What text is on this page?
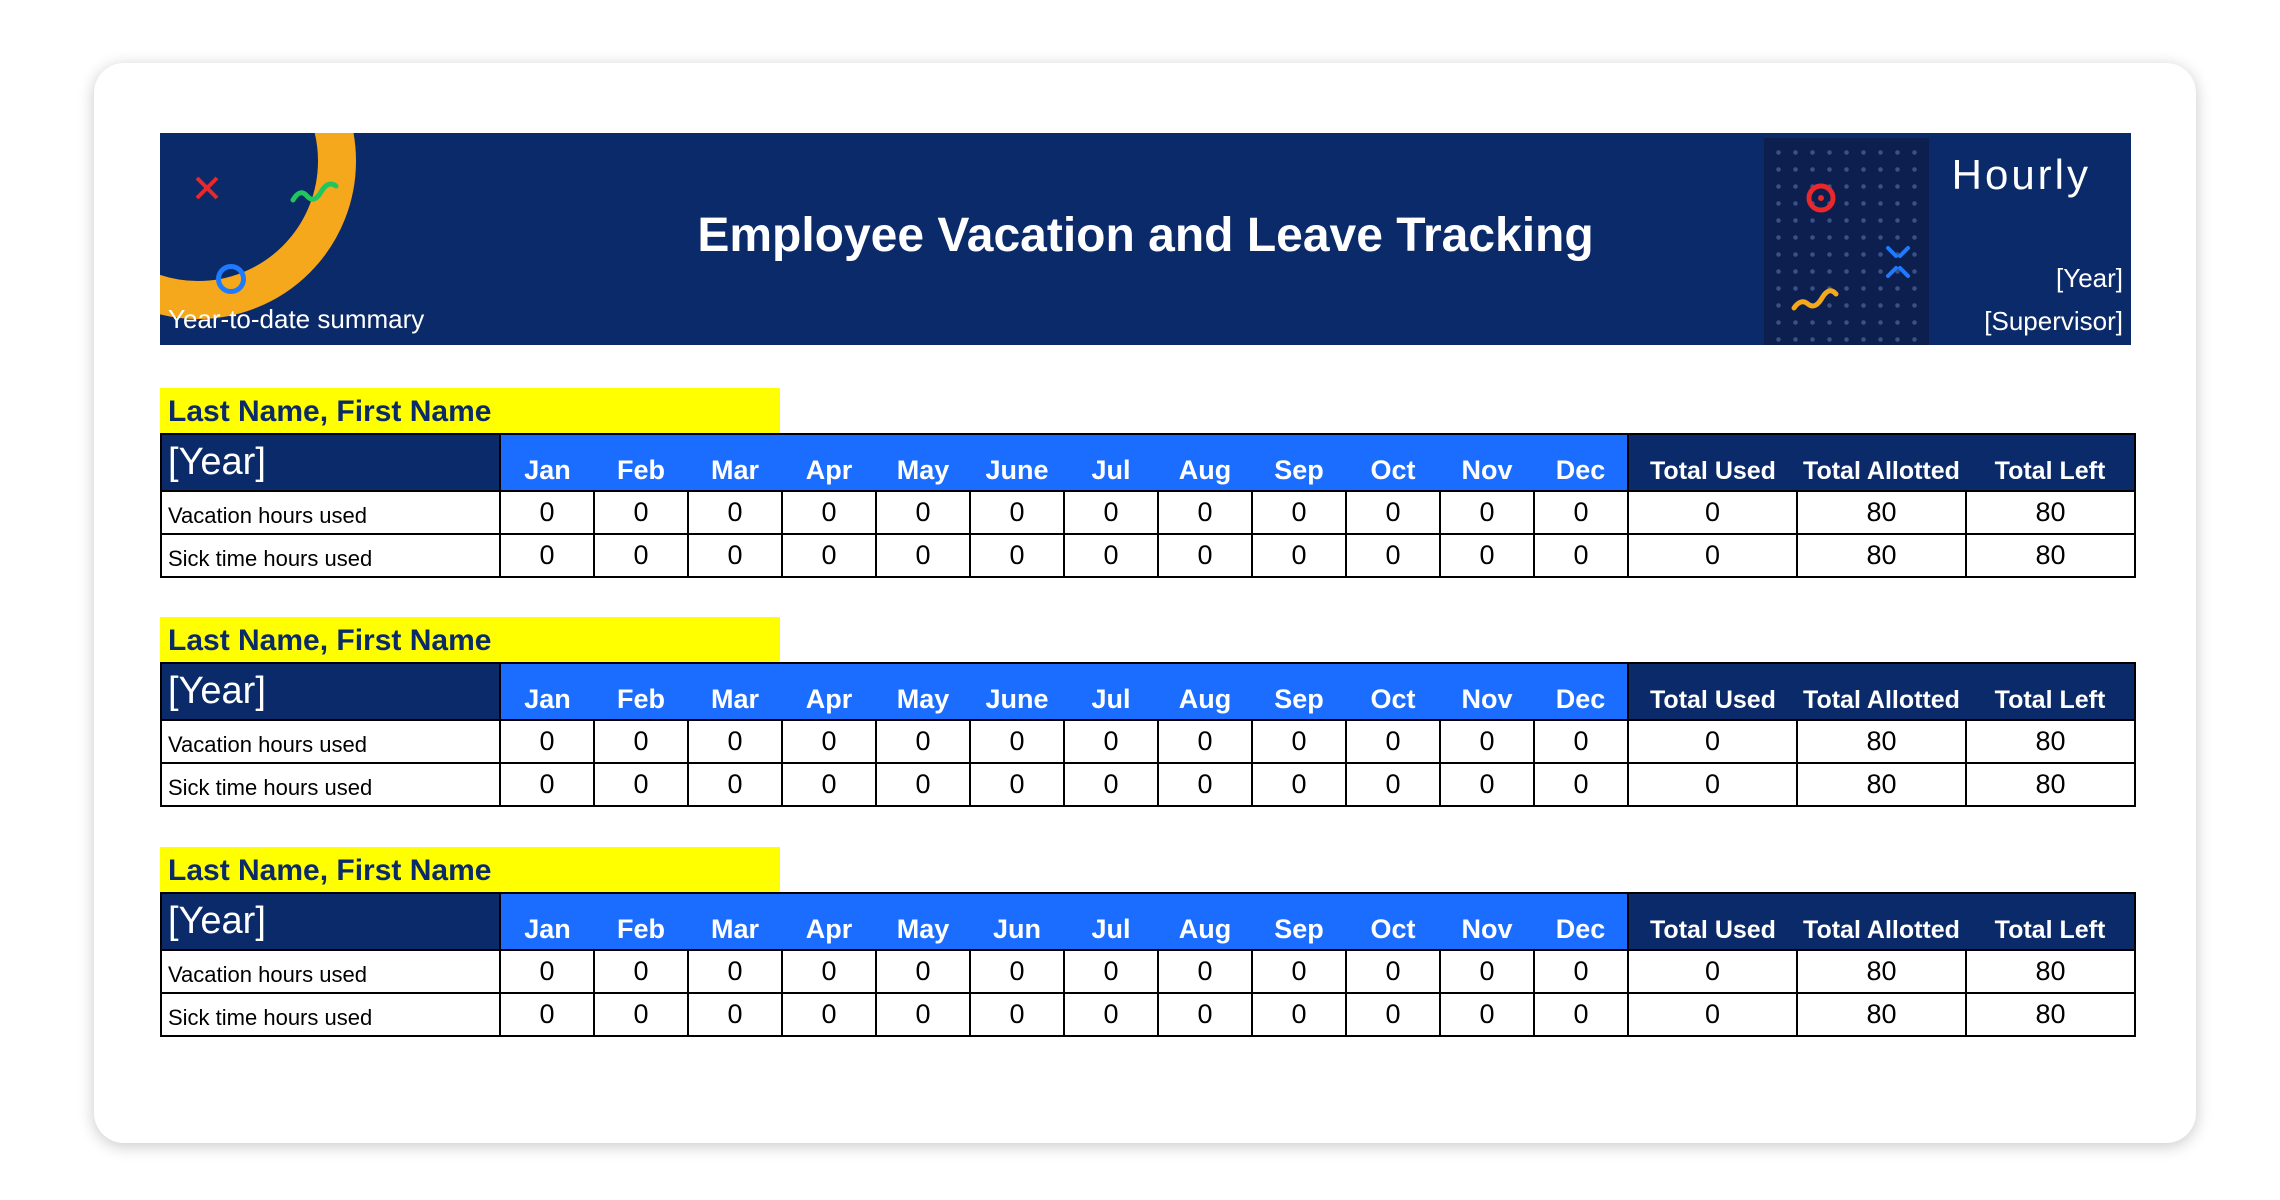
Year-to-date summary
Employee Vacation and Leave Tracking
Hourly
[Year]
[Supervisor]
Last Name, First Name
[Year]	Jan	Feb	Mar	Apr	May	June	Jul	Aug	Sep	Oct	Nov	Dec	Total Used	Total Allotted	Total Left
Vacation hours used	0	0	0	0	0	0	0	0	0	0	0	0	0	80	80
Sick time hours used	0	0	0	0	0	0	0	0	0	0	0	0	0	80	80
Last Name, First Name
[Year]	Jan	Feb	Mar	Apr	May	June	Jul	Aug	Sep	Oct	Nov	Dec	Total Used	Total Allotted	Total Left
Vacation hours used	0	0	0	0	0	0	0	0	0	0	0	0	0	80	80
Sick time hours used	0	0	0	0	0	0	0	0	0	0	0	0	0	80	80
Last Name, First Name
[Year]	Jan	Feb	Mar	Apr	May	Jun	Jul	Aug	Sep	Oct	Nov	Dec	Total Used	Total Allotted	Total Left
Vacation hours used	0	0	0	0	0	0	0	0	0	0	0	0	0	80	80
Sick time hours used	0	0	0	0	0	0	0	0	0	0	0	0	0	80	80
